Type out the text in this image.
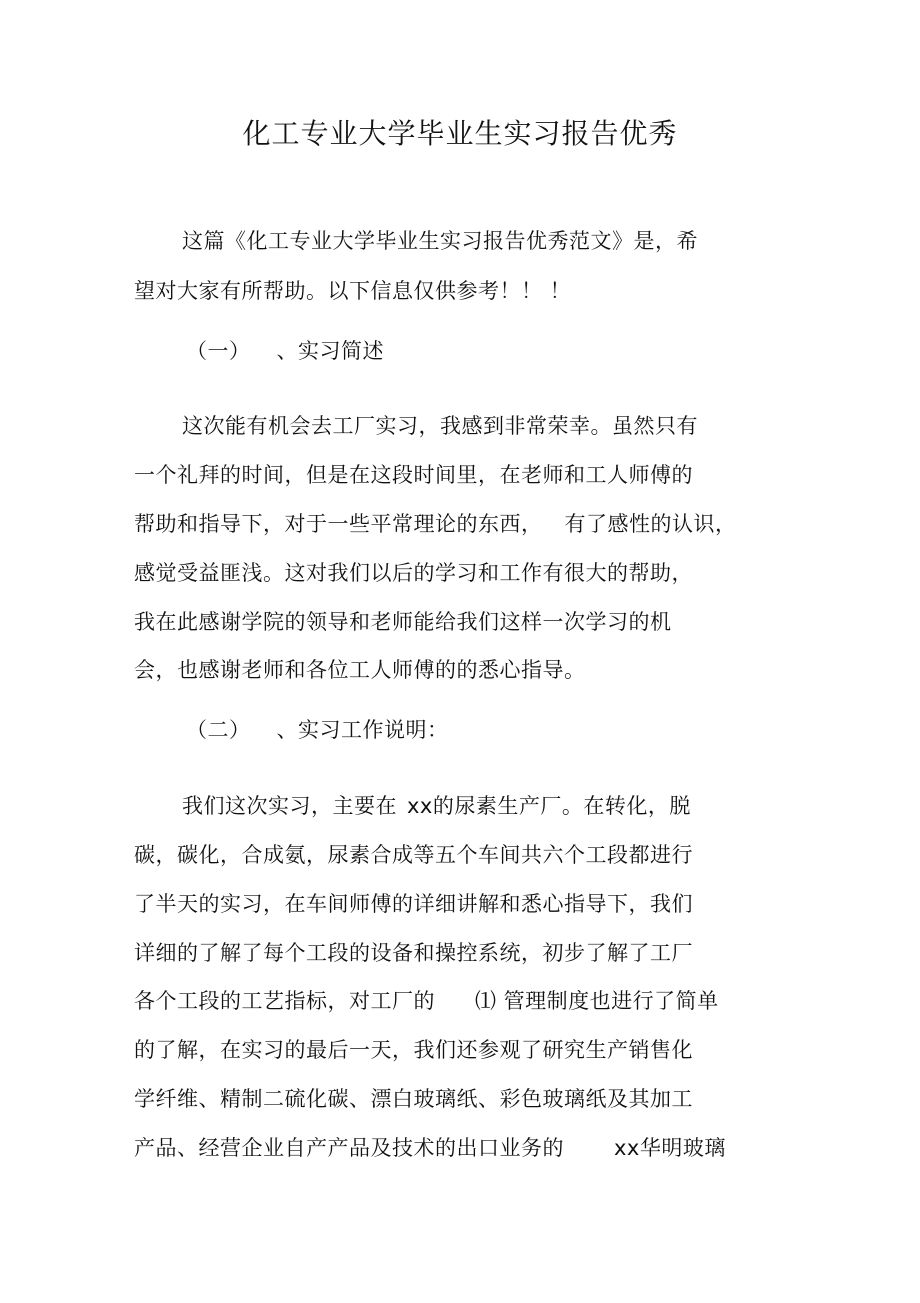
化工专业大学毕业生实习报告优秀
这篇《化工专业大学毕业生实习报告优秀范文》是，希
望对大家有所帮助。以下信息仅供参考！！ ！
（一） 、实习简述
这次能有机会去工厂实习，我感到非常荣幸。虽然只有
一个礼拜的时间，但是在这段时间里，在老师和工人师傅的
帮助和指导下，对于一些平常理论的东西， 有了感性的认识，
感觉受益匪浅。这对我们以后的学习和工作有很大的帮助，
我在此感谢学院的领导和老师能给我们这样一次学习的机
会，也感谢老师和各位工人师傅的的悉心指导。
（二） 、实习工作说明：
我们这次实习，主要在 xx的尿素生产厂。在转化，脱
碳，碳化，合成氨，尿素合成等五个车间共六个工段都进行
了半天的实习，在车间师傅的详细讲解和悉心指导下，我们
详细的了解了每个工段的设备和操控系统，初步了解了工厂
各个工段的工艺指标，对工厂的 ⑴ 管理制度也进行了简单
的了解，在实习的最后一天，我们还参观了研究生产销售化
学纤维、精制二硫化碳、漂白玻璃纸、彩色玻璃纸及其加工
产品、经营企业自产产品及技术的出口业务的 xx华明玻璃
